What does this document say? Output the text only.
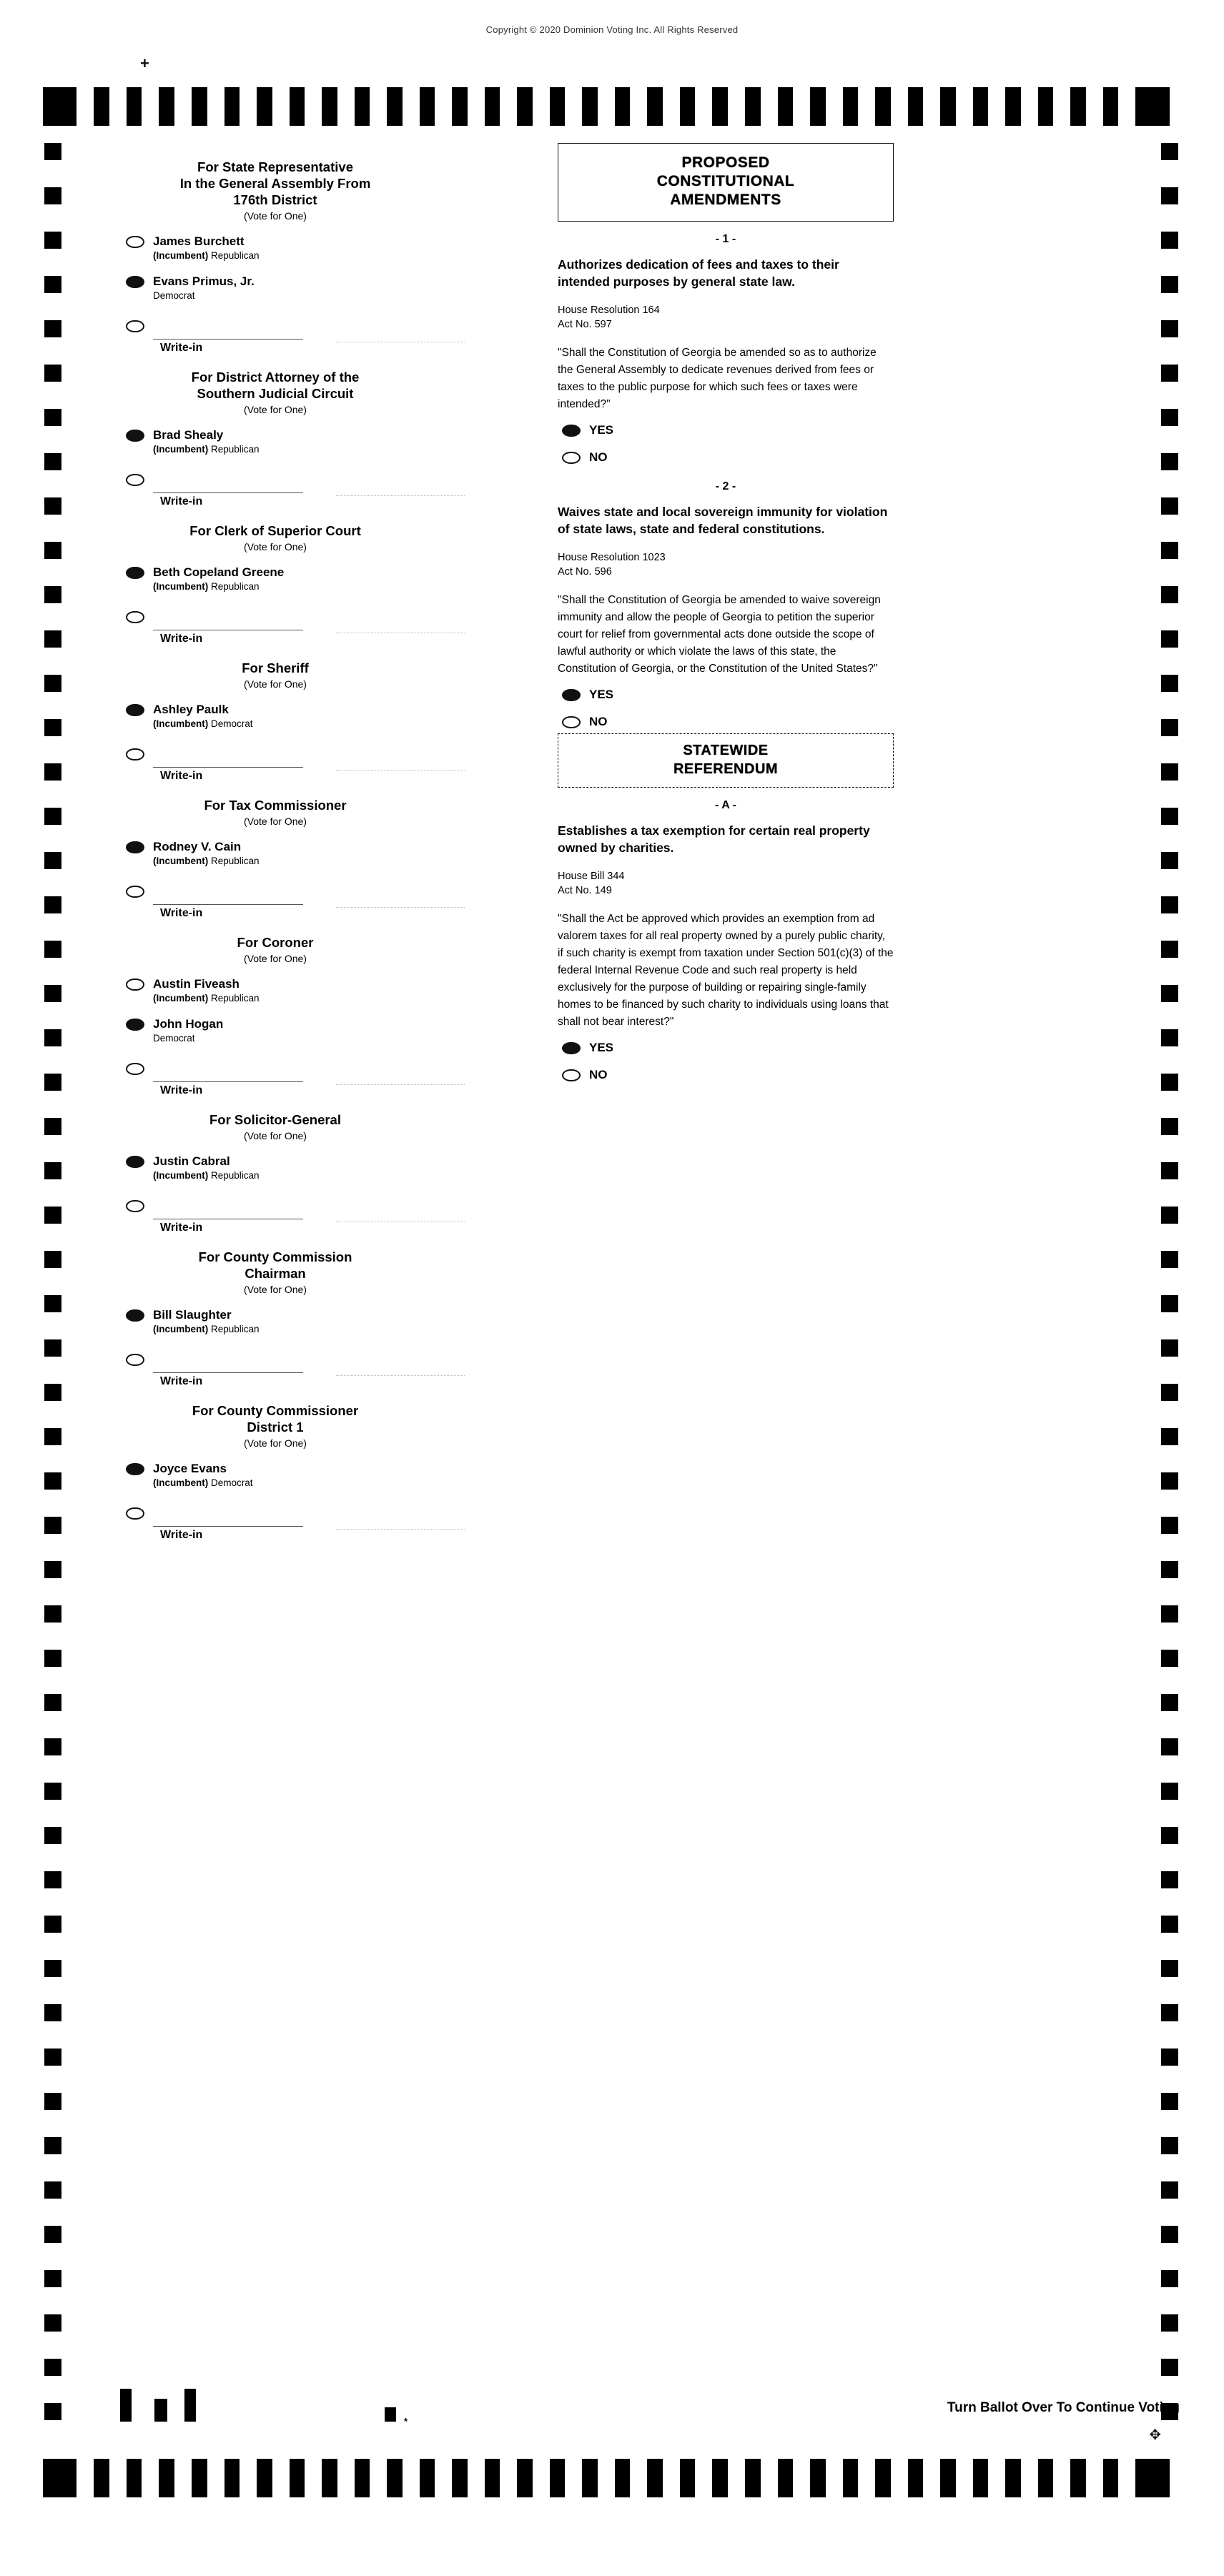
Copyright © 2020 Dominion Voting Inc. All Rights Reserved
+
For State Representative
In the General Assembly From
176th District
(Vote for One)
James Burchett
(Incumbent) Republican
Evans Primus, Jr.
Democrat
Write-in
For District Attorney of the
Southern Judicial Circuit
(Vote for One)
Brad Shealy
(Incumbent) Republican
Write-in
For Clerk of Superior Court
(Vote for One)
Beth Copeland Greene
(Incumbent) Republican
Write-in
For Sheriff
(Vote for One)
Ashley Paulk
(Incumbent) Democrat
Write-in
For Tax Commissioner
(Vote for One)
Rodney V. Cain
(Incumbent) Republican
Write-in
For Coroner
(Vote for One)
Austin Fiveash
(Incumbent) Republican
John Hogan
Democrat
Write-in
For Solicitor-General
(Vote for One)
Justin Cabral
(Incumbent) Republican
Write-in
For County Commission
Chairman
(Vote for One)
Bill Slaughter
(Incumbent) Republican
Write-in
For County Commissioner
District 1
(Vote for One)
Joyce Evans
(Incumbent) Democrat
Write-in
PROPOSED
CONSTITUTIONAL
AMENDMENTS
- 1 -
Authorizes dedication of fees and taxes to their intended purposes by general state law.
House Resolution 164
Act No. 597
"Shall the Constitution of Georgia be amended so as to authorize the General Assembly to dedicate revenues derived from fees or taxes to the public purpose for which such fees or taxes were intended?"
YES
NO
- 2 -
Waives state and local sovereign immunity for violation of state laws, state and federal constitutions.
House Resolution 1023
Act No. 596
"Shall the Constitution of Georgia be amended to waive sovereign immunity and allow the people of Georgia to petition the superior court for relief from governmental acts done outside the scope of lawful authority or which violate the laws of this state, the Constitution of Georgia, or the Constitution of the United States?"
YES
NO
STATEWIDE
REFERENDUM
- A -
Establishes a tax exemption for certain real property owned by charities.
House Bill 344
Act No. 149
"Shall the Act be approved which provides an exemption from ad valorem taxes for all real property owned by a purely public charity, if such charity is exempt from taxation under Section 501(c)(3) of the federal Internal Revenue Code and such real property is held exclusively for the purpose of building or repairing single-family homes to be financed by such charity to individuals using loans that shall not bear interest?"
YES
NO
*
Turn Ballot Over To Continue Voting
✥
